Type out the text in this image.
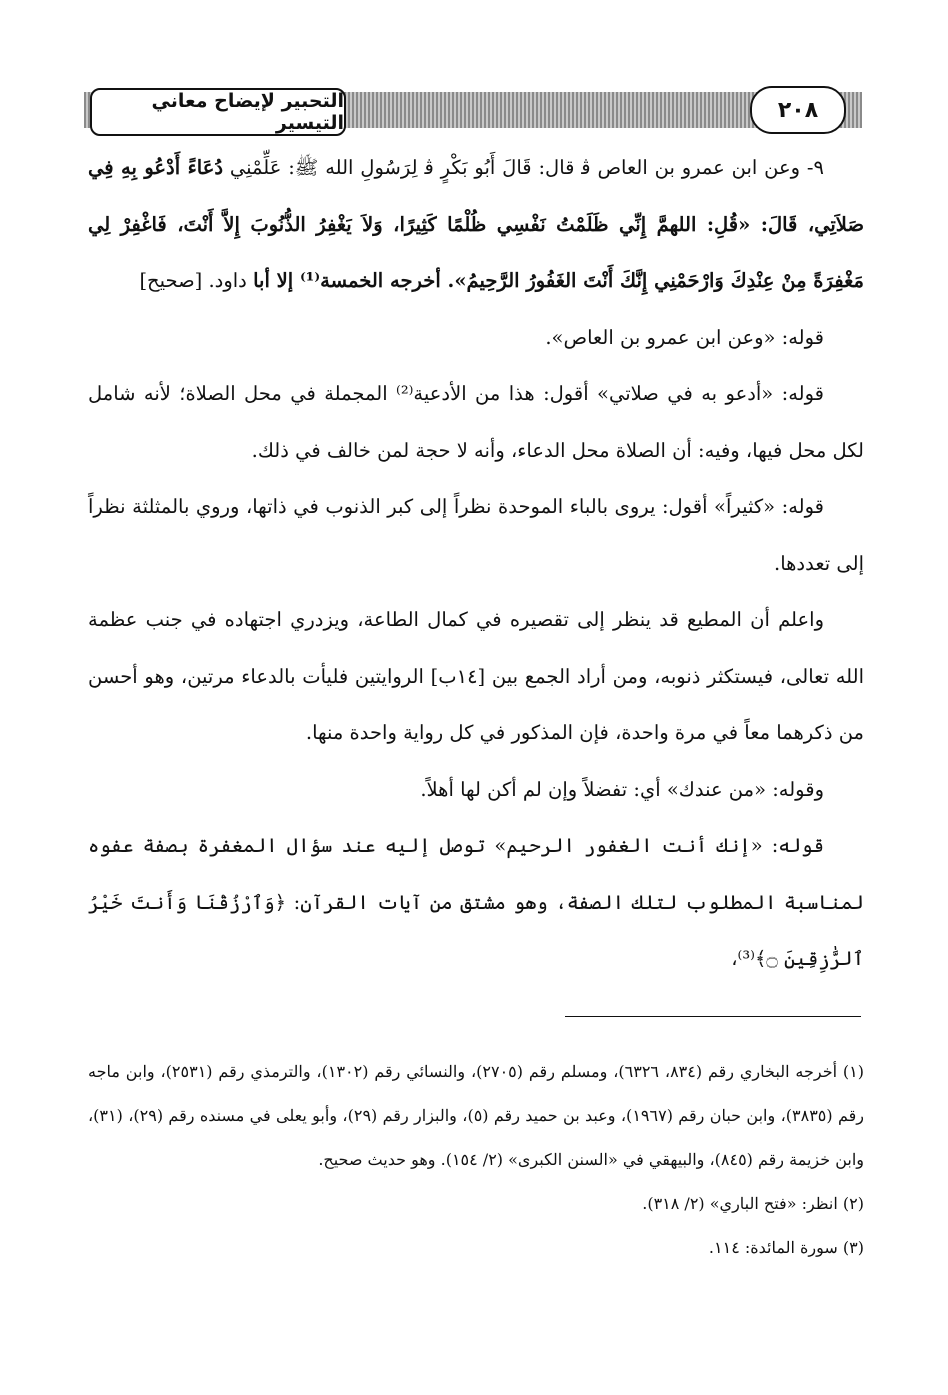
التحبير لإيضاح معاني التيسير
٢٠٨

٩- وعن ابن عمرو بن العاص ﭬ قال: قَالَ أَبُو بَكْرٍ ﭬ لِرَسُولِ الله ﷺ: عَلِّمْنِي دُعَاءً أَدْعُو بِهِ فِي صَلاَتِي، قَالَ: «قُلِ: اللهمَّ إِنِّي ظَلَمْتُ نَفْسِي ظُلْمًا كَثِيرًا، وَلاَ يَغْفِرُ الذُّنُوبَ إِلاَّ أَنْتَ، فَاغْفِرْ لِي مَغْفِرَةً مِنْ عِنْدِكَ وَارْحَمْنِي إِنَّكَ أَنْتَ الغَفُورُ الرَّحِيمُ». أخرجه الخمسة⁽¹⁾ إلا أبا داود. [صحيح]

قوله: «وعن ابن عمرو بن العاص».

قوله: «أدعو به في صلاتي» أقول: هذا من الأدعية⁽²⁾ المجملة في محل الصلاة؛ لأنه شامل لكل محل فيها، وفيه: أن الصلاة محل الدعاء، وأنه لا حجة لمن خالف في ذلك.

قوله: «كثيراً» أقول: يروى بالباء الموحدة نظراً إلى كبر الذنوب في ذاتها، وروي بالمثلثة نظراً إلى تعددها.

واعلم أن المطيع قد ينظر إلى تقصيره في كمال الطاعة، ويزدري اجتهاده في جنب عظمة الله تعالى، فيستكثر ذنوبه، ومن أراد الجمع بين [١٤ب] الروايتين فليأت بالدعاء مرتين، وهو أحسن من ذكرهما معاً في مرة واحدة، فإن المذكور في كل رواية واحدة منها.

وقوله: «من عندك» أي: تفضلاً وإن لم أكن لها أهلاً.

قوله: «إنك أنت الغفور الرحيم» توصل إليه عند سؤال المغفرة بصفة عفوه لمناسبة المطلوب لتلك الصفة، وهو مشتق من آيات القرآن: ﴿وَٱرْزُقْنَا وَأَنتَ خَيْرُ ٱلرَّٰزِقِينَ ۝﴾⁽³⁾،

(١) أخرجه البخاري رقم (٨٣٤، ٦٣٢٦)، ومسلم رقم (٢٧٠٥)، والنسائي رقم (١٣٠٢)، والترمذي رقم (٢٥٣١)، وابن ماجه رقم (٣٨٣٥)، وابن حبان رقم (١٩٦٧)، وعبد بن حميد رقم (٥)، والبزار رقم (٢٩)، وأبو يعلى في مسنده رقم (٢٩)، (٣١)، وابن خزيمة رقم (٨٤٥)، والبيهقي في «السنن الكبرى» (٢/ ١٥٤). وهو حديث صحيح.

(٢) انظر: «فتح الباري» (٢/ ٣١٨).

(٣) سورة المائدة: ١١٤.
